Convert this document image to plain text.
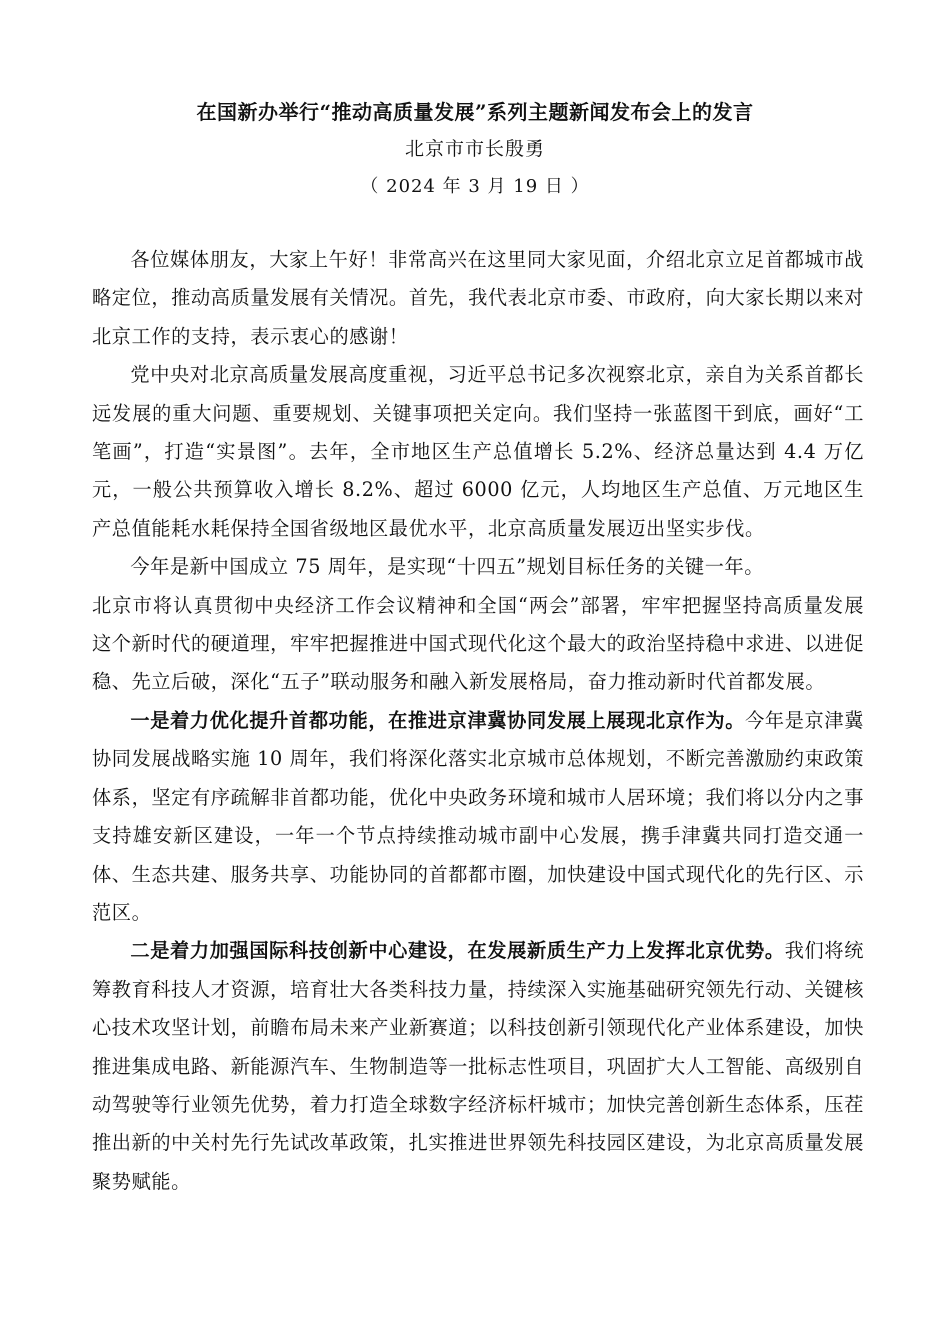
在国新办举行“推动高质量发展”系列主题新闻发布会上的发言
北京市市长殷勇
（ 2024 年 3 月 19 日 ）

各位媒体朋友，大家上午好！非常高兴在这里同大家见面，介绍北京立足首都城市战略定位，推动高质量发展有关情况。首先，我代表北京市委、市政府，向大家长期以来对北京工作的支持，表示衷心的感谢！

党中央对北京高质量发展高度重视，习近平总书记多次视察北京，亲自为关系首都长远发展的重大问题、重要规划、关键事项把关定向。我们坚持一张蓝图干到底，画好“工笔画”，打造“实景图”。去年，全市地区生产总值增长 5.2%、经济总量达到 4.4 万亿元，一般公共预算收入增长 8.2%、超过 6000 亿元，人均地区生产总值、万元地区生产总值能耗水耗保持全国省级地区最优水平，北京高质量发展迈出坚实步伐。

今年是新中国成立 75 周年，是实现“十四五”规划目标任务的关键一年。

北京市将认真贯彻中央经济工作会议精神和全国“两会”部署，牢牢把握坚持高质量发展这个新时代的硬道理，牢牢把握推进中国式现代化这个最大的政治坚持稳中求进、以进促稳、先立后破，深化“五子”联动服务和融入新发展格局，奋力推动新时代首都发展。

一是着力优化提升首都功能，在推进京津冀协同发展上展现北京作为。今年是京津冀协同发展战略实施 10 周年，我们将深化落实北京城市总体规划，不断完善激励约束政策体系，坚定有序疏解非首都功能，优化中央政务环境和城市人居环境；我们将以分内之事支持雄安新区建设，一年一个节点持续推动城市副中心发展，携手津冀共同打造交通一体、生态共建、服务共享、功能协同的首都都市圈，加快建设中国式现代化的先行区、示范区。

二是着力加强国际科技创新中心建设，在发展新质生产力上发挥北京优势。我们将统筹教育科技人才资源，培育壮大各类科技力量，持续深入实施基础研究领先行动、关键核心技术攻坚计划，前瞻布局未来产业新赛道；以科技创新引领现代化产业体系建设，加快推进集成电路、新能源汽车、生物制造等一批标志性项目，巩固扩大人工智能、高级别自动驾驶等行业领先优势，着力打造全球数字经济标杆城市；加快完善创新生态体系，压茬推出新的中关村先行先试改革政策，扎实推进世界领先科技园区建设，为北京高质量发展聚势赋能。
